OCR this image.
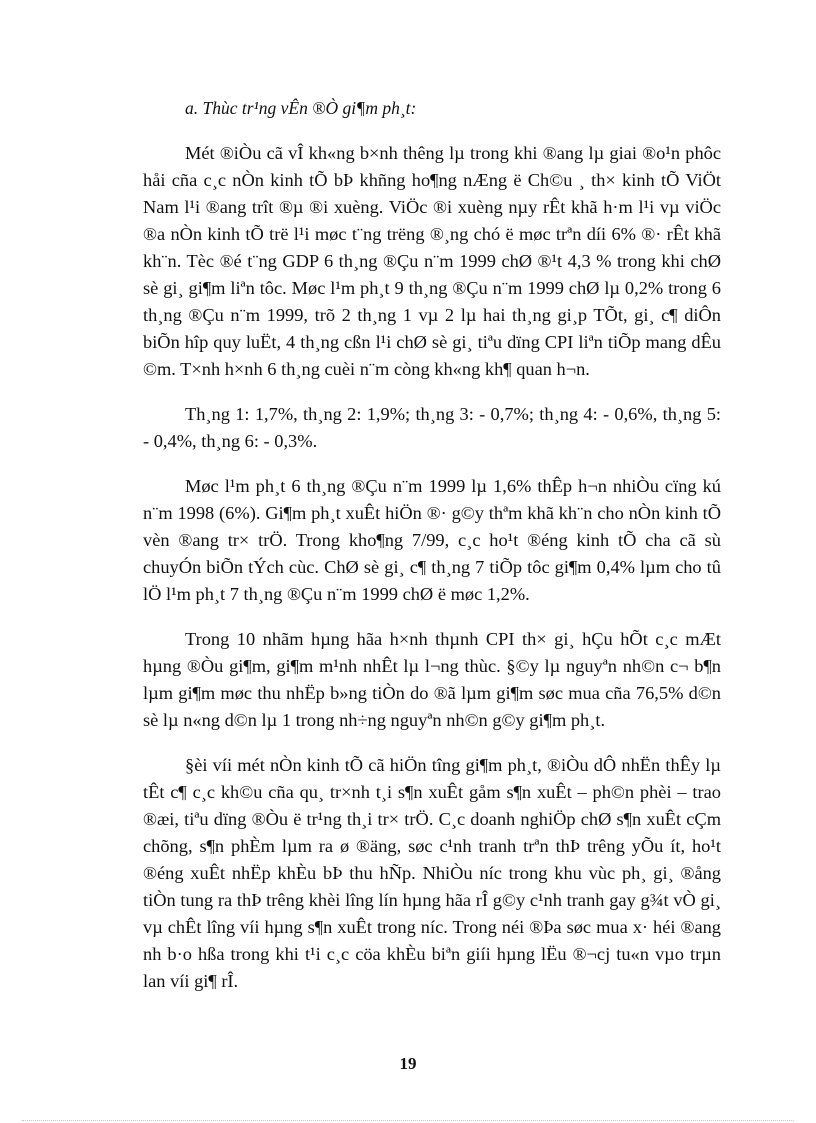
a. Thùc tr¹ng vÊn ®Ò gi¶m ph¸t:

Mét ®iÒu cã vÎ kh«ng b×nh thêng lµ trong khi ®ang lµ giai ®o¹n phôc håi cña c¸c nÒn kinh tÕ bÞ khñng ho¶ng nÆng ë Ch©u ¸ th× kinh tÕ ViÖt Nam l¹i ®ang trît ®µ ®i xuèng. ViÖc ®i xuèng nµy rÊt khã h·m l¹i vµ viÖc ®a nÒn kinh tÕ trë l¹i møc t¨ng trëng ®¸ng chó ë møc trªn díi 6% ®· rÊt khã kh¨n. Tèc ®é t¨ng GDP 6 th¸ng ®Çu n¨m 1999 chØ ®¹t 4,3 % trong khi chØ sè gi¸ gi¶m liªn tôc. Møc l¹m ph¸t 9 th¸ng ®Çu n¨m 1999 chØ lµ 0,2% trong 6 th¸ng ®Çu n¨m 1999, trõ 2 th¸ng 1 vµ 2 lµ hai th¸ng gi¸p TÕt, gi¸ c¶ diÔn biÕn hîp quy luËt, 4 th¸ng cßn l¹i chØ sè gi¸ tiªu dïng CPI liªn tiÕp mang dÊu ©m. T×nh h×nh 6 th¸ng cuèi n¨m còng kh«ng kh¶ quan h¬n.

Th¸ng 1: 1,7%, th¸ng 2: 1,9%; th¸ng 3: - 0,7%; th¸ng 4: - 0,6%, th¸ng 5: - 0,4%, th¸ng 6: - 0,3%.

Møc l¹m ph¸t 6 th¸ng ®Çu n¨m 1999 lµ 1,6% thÊp h¬n nhiÒu cïng kú n¨m 1998 (6%). Gi¶m ph¸t xuÊt hiÖn ®· g©y thªm khã kh¨n cho nÒn kinh tÕ vèn ®ang tr× trÖ. Trong kho¶ng 7/99, c¸c ho¹t ®éng kinh tÕ cha cã sù chuyÓn biÕn tÝch cùc. ChØ sè gi¸ c¶ th¸ng 7 tiÕp tôc gi¶m 0,4% lµm cho tû lÖ l¹m ph¸t 7 th¸ng ®Çu n¨m 1999 chØ ë møc 1,2%.

Trong 10 nhãm hµng hãa h×nh thµnh CPI th× gi¸ hÇu hÕt c¸c mÆt hµng ®Òu gi¶m, gi¶m m¹nh nhÊt lµ l¬ng thùc. §©y lµ nguyªn nh©n c¬ b¶n lµm gi¶m møc thu nhËp b»ng tiÒn do ®ã lµm gi¶m søc mua cña 76,5% d©n sè lµ n«ng d©n lµ 1 trong nh÷ng nguyªn nh©n g©y gi¶m ph¸t.

§èi víi mét nÒn kinh tÕ cã hiÖn tîng gi¶m ph¸t, ®iÒu dÔ nhËn thÊy lµ tÊt c¶ c¸c kh©u cña qu¸ tr×nh t¸i s¶n xuÊt gåm s¶n xuÊt – ph©n phèi – trao ®æi, tiªu dïng ®Òu ë tr¹ng th¸i tr× trÖ. C¸c doanh nghiÖp chØ s¶n xuÊt cÇm chõng, s¶n phÈm lµm ra ø ®äng, søc c¹nh tranh trªn thÞ trêng yÕu ít, ho¹t ®éng xuÊt nhËp khÈu bÞ thu hÑp. NhiÒu níc trong khu vùc ph¸ gi¸ ®ång tiÒn tung ra thÞ trêng khèi lîng lín hµng hãa rÎ g©y c¹nh tranh gay g¾t vÒ gi¸ vµ chÊt lîng víi hµng s¶n xuÊt trong níc. Trong néi ®Þa søc mua x· héi ®ang nh b·o hßa trong khi t¹i c¸c cöa khÈu biªn giíi hµng lËu ®¬cj tu«n vµo trµn lan víi gi¶ rÎ.

19
